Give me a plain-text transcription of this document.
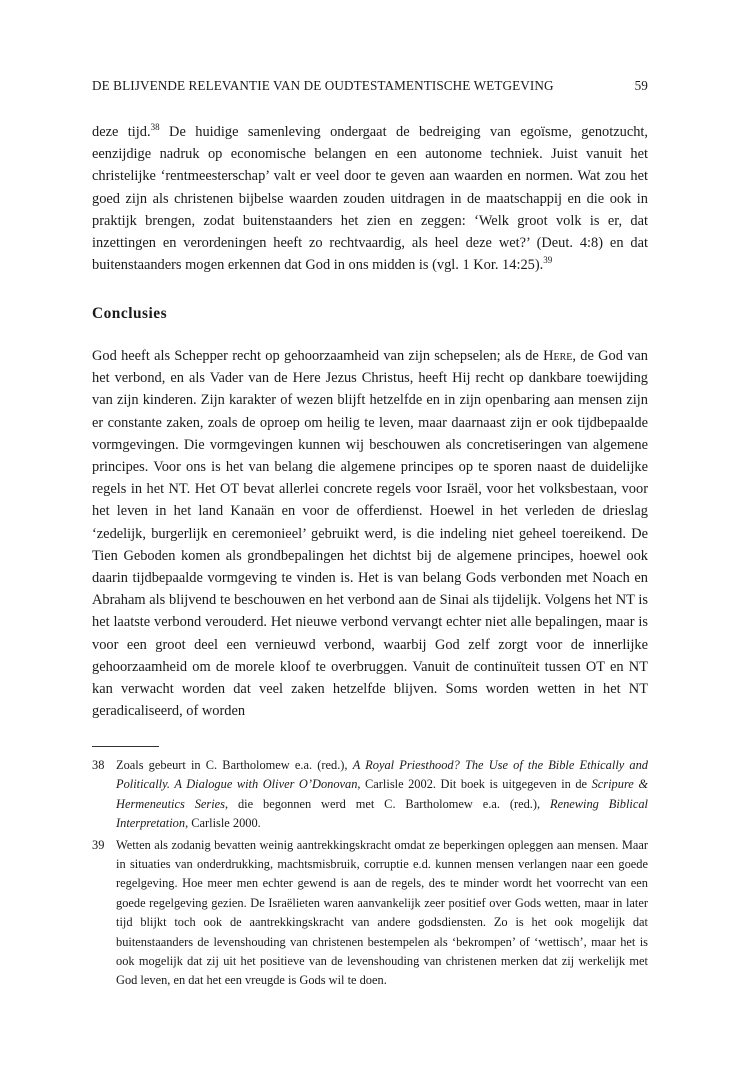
DE BLIJVENDE RELEVANTIE VAN DE OUDTESTAMENTISCHE WETGEVING	59

deze tijd.$^{38}$ De huidige samenleving ondergaat de bedreiging van egoïsme, genotzucht, eenzijdige nadruk op economische belangen en een autonome techniek. Juist vanuit het christelijke ‘rentmeesterschap’ valt er veel door te geven aan waarden en normen. Wat zou het goed zijn als christenen bijbelse waarden zouden uitdragen in de maatschappij en die ook in praktijk brengen, zodat buitenstaanders het zien en zeggen: ‘Welk groot volk is er, dat inzettingen en verordeningen heeft zo rechtvaardig, als heel deze wet?’ (Deut. 4:8) en dat buitenstaanders mogen erkennen dat God in ons midden is (vgl. 1 Kor. 14:25).$^{39}$

Conclusies

God heeft als Schepper recht op gehoorzaamheid van zijn schepselen; als de Here, de God van het verbond, en als Vader van de Here Jezus Christus, heeft Hij recht op dankbare toewijding van zijn kinderen. Zijn karakter of wezen blijft hetzelfde en in zijn openbaring aan mensen zijn er constante zaken, zoals de oproep om heilig te leven, maar daarnaast zijn er ook tijdbepaalde vormgevingen. Die vormgevingen kunnen wij beschouwen als concretiseringen van algemene principes. Voor ons is het van belang die algemene principes op te sporen naast de duidelijke regels in het NT. Het OT bevat allerlei concrete regels voor Israël, voor het volksbestaan, voor het leven in het land Kanaän en voor de offerdienst. Hoewel in het verleden de drieslag ‘zedelijk, burgerlijk en ceremonieel’ gebruikt werd, is die indeling niet geheel toereikend. De Tien Geboden komen als grondbepalingen het dichtst bij de algemene principes, hoewel ook daarin tijdbepaalde vormgeving te vinden is. Het is van belang Gods verbonden met Noach en Abraham als blijvend te beschouwen en het verbond aan de Sinai als tijdelijk. Volgens het NT is het laatste verbond verouderd. Het nieuwe verbond vervangt echter niet alle bepalingen, maar is voor een groot deel een vernieuwd verbond, waarbij God zelf zorgt voor de innerlijke gehoorzaamheid om de morele kloof te overbruggen. Vanuit de continuïteit tussen OT en NT kan verwacht worden dat veel zaken hetzelfde blijven. Soms worden wetten in het NT geradicaliseerd, of worden

38 Zoals gebeurt in C. Bartholomew e.a. (red.), A Royal Priesthood? The Use of the Bible Ethically and Politically. A Dialogue with Oliver O’Donovan, Carlisle 2002. Dit boek is uitgegeven in de Scripure & Hermeneutics Series, die begonnen werd met C. Bartholomew e.a. (red.), Renewing Biblical Interpretation, Carlisle 2000.
39 Wetten als zodanig bevatten weinig aantrekkingskracht omdat ze beperkingen opleggen aan mensen. Maar in situaties van onderdrukking, machtsmisbruik, corruptie e.d. kunnen mensen verlangen naar een goede regelgeving. Hoe meer men echter gewend is aan de regels, des te minder wordt het voorrecht van een goede regelgeving gezien. De Israëlieten waren aanvankelijk zeer positief over Gods wetten, maar in later tijd blijkt toch ook de aantrekkingskracht van andere godsdiensten. Zo is het ook mogelijk dat buitenstaanders de levenshouding van christenen bestempelen als ‘bekrompen’ of ‘wettisch’, maar het is ook mogelijk dat zij uit het positieve van de levenshouding van christenen merken dat zij werkelijk met God leven, en dat het een vreugde is Gods wil te doen.
